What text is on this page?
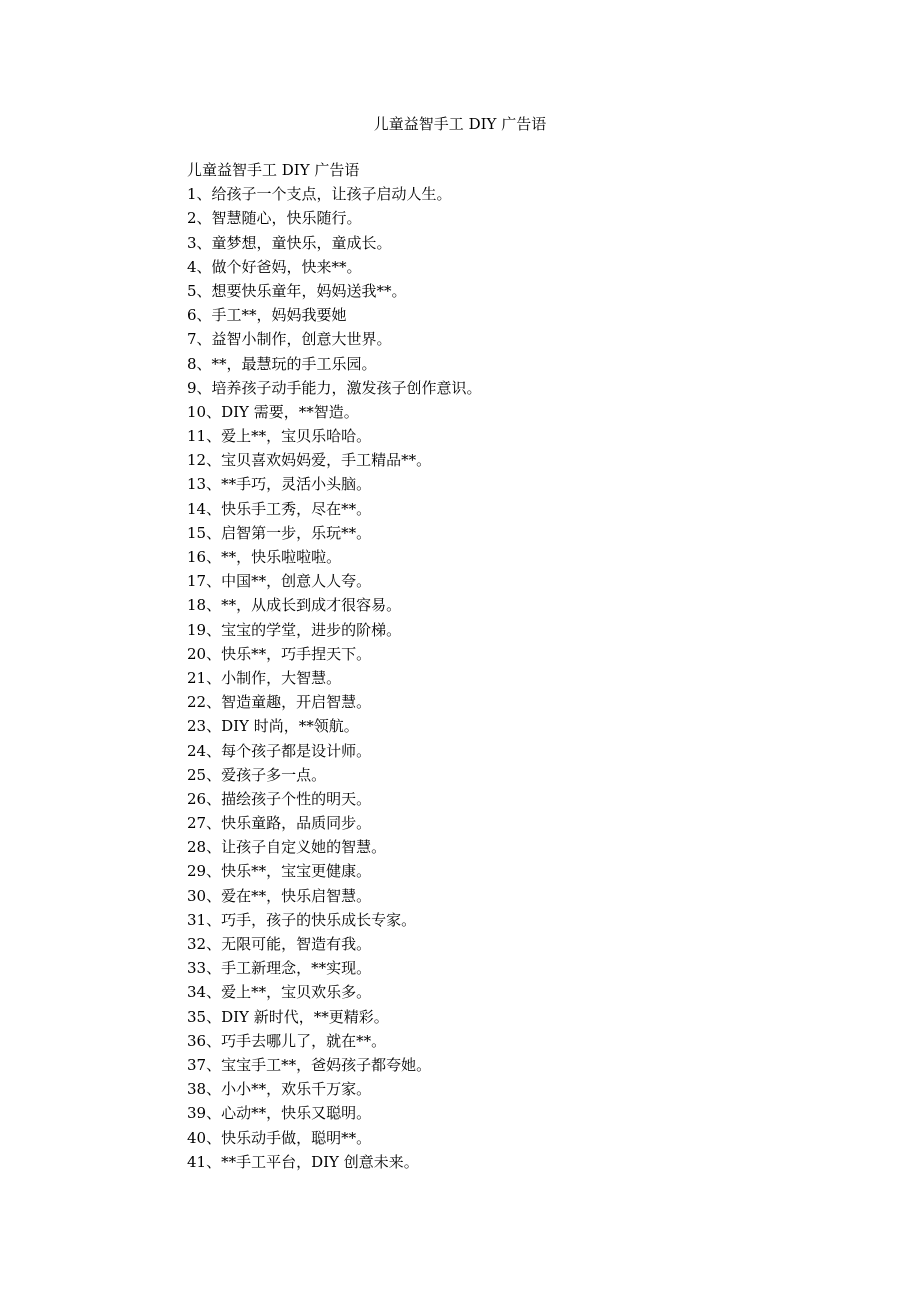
儿童益智手工 DIY 广告语
儿童益智手工 DIY 广告语
1、给孩子一个支点，让孩子启动人生。
2、智慧随心，快乐随行。
3、童梦想，童快乐，童成长。
4、做个好爸妈，快来**。
5、想要快乐童年，妈妈送我**。
6、手工**，妈妈我要她
7、益智小制作，创意大世界。
8、**，最慧玩的手工乐园。
9、培养孩子动手能力，激发孩子创作意识。
10、DIY 需要，**智造。
11、爱上**，宝贝乐哈哈。
12、宝贝喜欢妈妈爱，手工精品**。
13、**手巧，灵活小头脑。
14、快乐手工秀，尽在**。
15、启智第一步，乐玩**。
16、**，快乐啦啦啦。
17、中国**，创意人人夸。
18、**，从成长到成才很容易。
19、宝宝的学堂，进步的阶梯。
20、快乐**，巧手捏天下。
21、小制作，大智慧。
22、智造童趣，开启智慧。
23、DIY 时尚，**领航。
24、每个孩子都是设计师。
25、爱孩子多一点。
26、描绘孩子个性的明天。
27、快乐童路，品质同步。
28、让孩子自定义她的智慧。
29、快乐**，宝宝更健康。
30、爱在**，快乐启智慧。
31、巧手，孩子的快乐成长专家。
32、无限可能，智造有我。
33、手工新理念，**实现。
34、爱上**，宝贝欢乐多。
35、DIY 新时代，**更精彩。
36、巧手去哪儿了，就在**。
37、宝宝手工**，爸妈孩子都夸她。
38、小小**，欢乐千万家。
39、心动**，快乐又聪明。
40、快乐动手做，聪明**。
41、**手工平台，DIY 创意未来。
